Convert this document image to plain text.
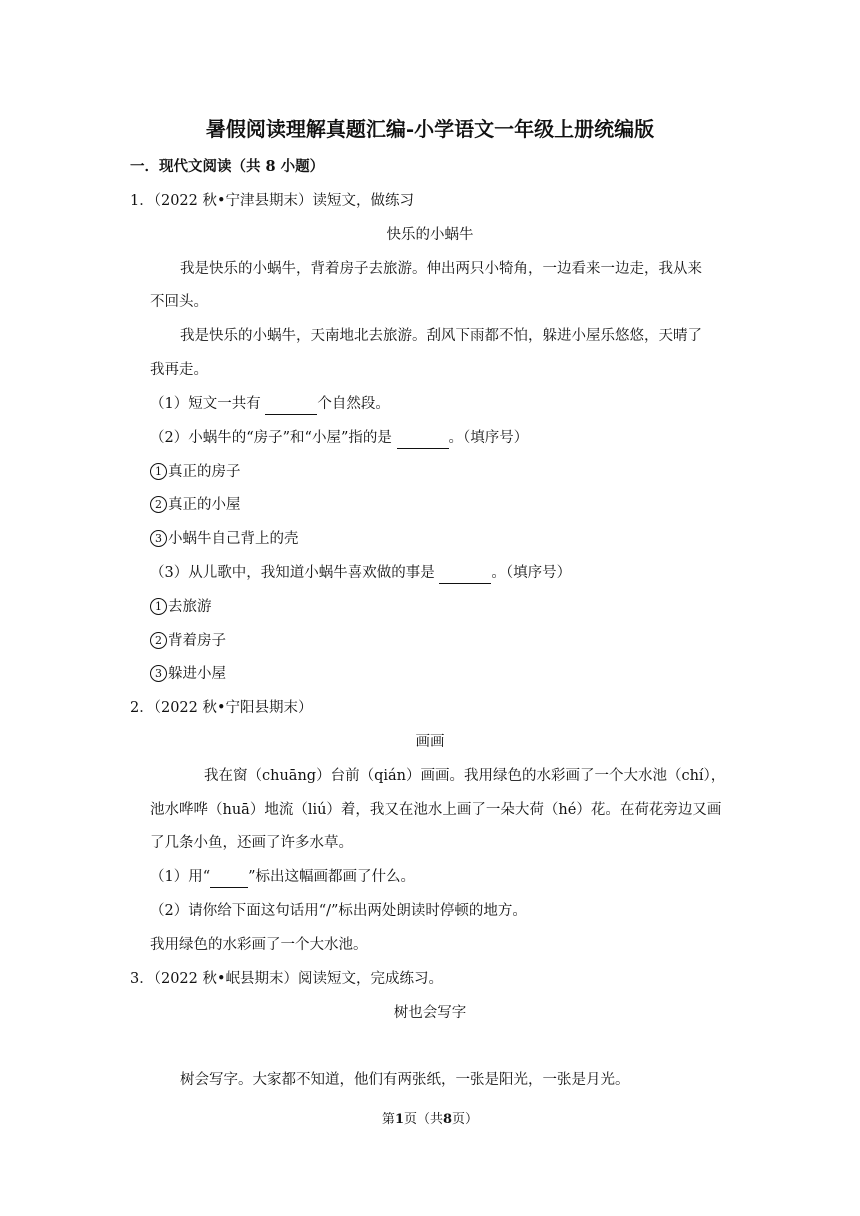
暑假阅读理解真题汇编-小学语文一年级上册统编版
一．现代文阅读（共 8 小题）
1．（2022 秋•宁津县期末）读短文，做练习
快乐的小蜗牛
我是快乐的小蜗牛，背着房子去旅游。伸出两只小犄角，一边看来一边走，我从来
不回头。
我是快乐的小蜗牛，天南地北去旅游。刮风下雨都不怕，躲进小屋乐悠悠，天晴了
我再走。
（1）短文一共有	个自然段。
（2）小蜗牛的“房子”和“小屋”指的是	。（填序号）
1 真正的房子
2 真正的小屋
3 小蜗牛自己背上的壳
（3）从儿歌中，我知道小蜗牛喜欢做的事是	。（填序号）
1 去旅游
2 背着房子
3 躲进小屋
2．（2022 秋•宁阳县期末）
画画
我在窗（chuāng）台前（qián）画画。我用绿色的水彩画了一个大水池（chí），
池水哗哗（huā）地流（liú）着，我又在池水上画了一朵大荷（hé）花。在荷花旁边又画
了几条小鱼，还画了许多水草。
（1）用“	”标出这幅画都画了什么。
（2）请你给下面这句话用“/”标出两处朗读时停顿的地方。
我用绿色的水彩画了一个大水池。
3．（2022 秋•岷县期末）阅读短文，完成练习。
树也会写字
树会写字。大家都不知道，他们有两张纸，一张是阳光，一张是月光。
第1页（共8页）
